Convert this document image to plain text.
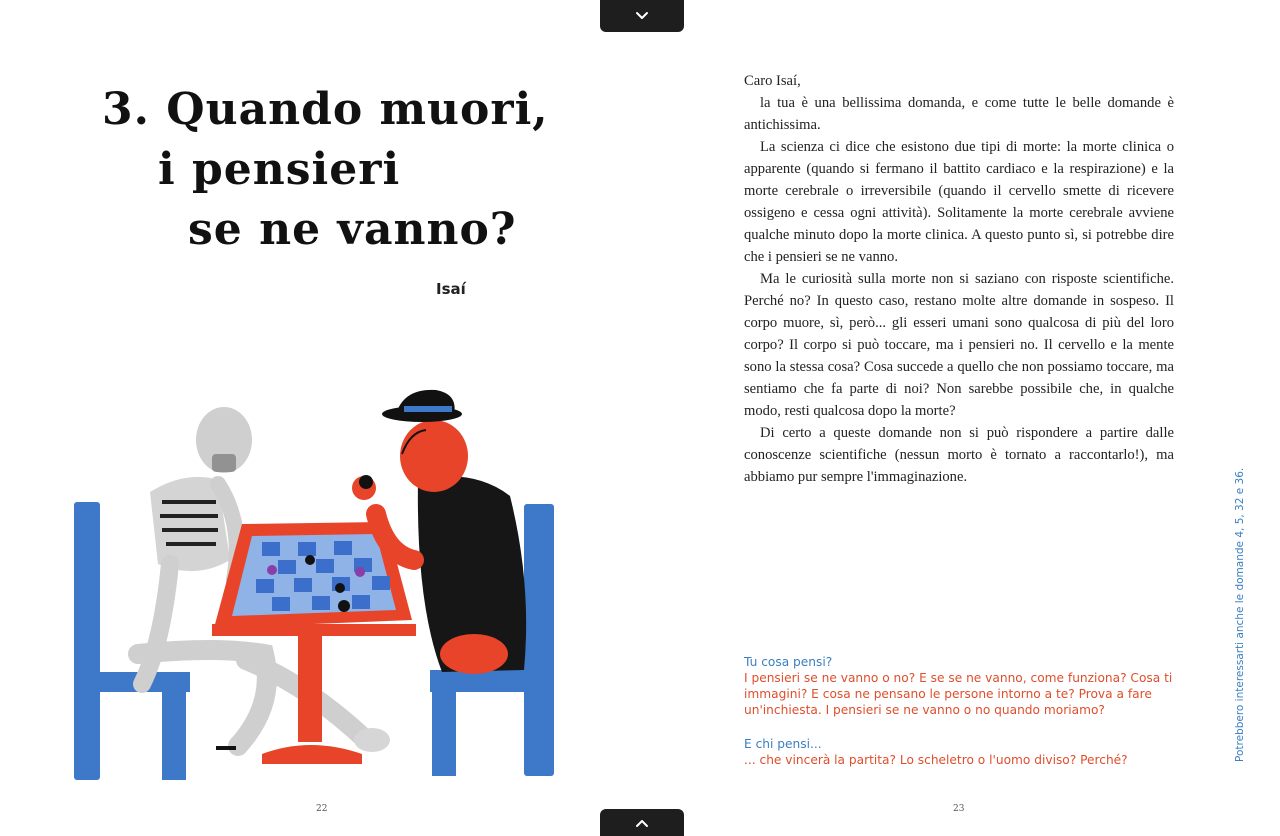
3. Quando muori,
i pensieri
se ne vanno?
Isaí
22

Caro Isaí,

la tua è una bellissima domanda, e come tutte le belle domande è antichissima.

La scienza ci dice che esistono due tipi di morte: la morte clinica o apparente (quando si fermano il battito cardiaco e la respirazione) e la morte cerebrale o irreversibile (quando il cervello smette di ricevere ossigeno e cessa ogni attività). Solitamente la morte cerebrale avviene qualche minuto dopo la morte clinica. A questo punto sì, si potrebbe dire che i pensieri se ne vanno.

Ma le curiosità sulla morte non si saziano con risposte scientifiche. Perché no? In questo caso, restano molte altre domande in sospeso. Il corpo muore, sì, però... gli esseri umani sono qualcosa di più del loro corpo? Il corpo si può toccare, ma i pensieri no. Il cervello e la mente sono la stessa cosa? Cosa succede a quello che non possiamo toccare, ma sentiamo che fa parte di noi? Non sarebbe possibile che, in qualche modo, resti qualcosa dopo la morte?

Di certo a queste domande non si può rispondere a partire dalle conoscenze scientifiche (nessun morto è tornato a raccontarlo!), ma abbiamo pur sempre l'immaginazione.

Tu cosa pensi?
I pensieri se ne vanno o no? E se se ne vanno, come funziona? Cosa ti immagini? E cosa ne pensano le persone intorno a te? Prova a fare un'inchiesta. I pensieri se ne vanno o no quando moriamo?
E chi pensi...
... che vincerà la partita? Lo scheletro o l'uomo diviso? Perché?
23
Potrebbero interessarti anche le domande 4, 5, 32 e 36.
